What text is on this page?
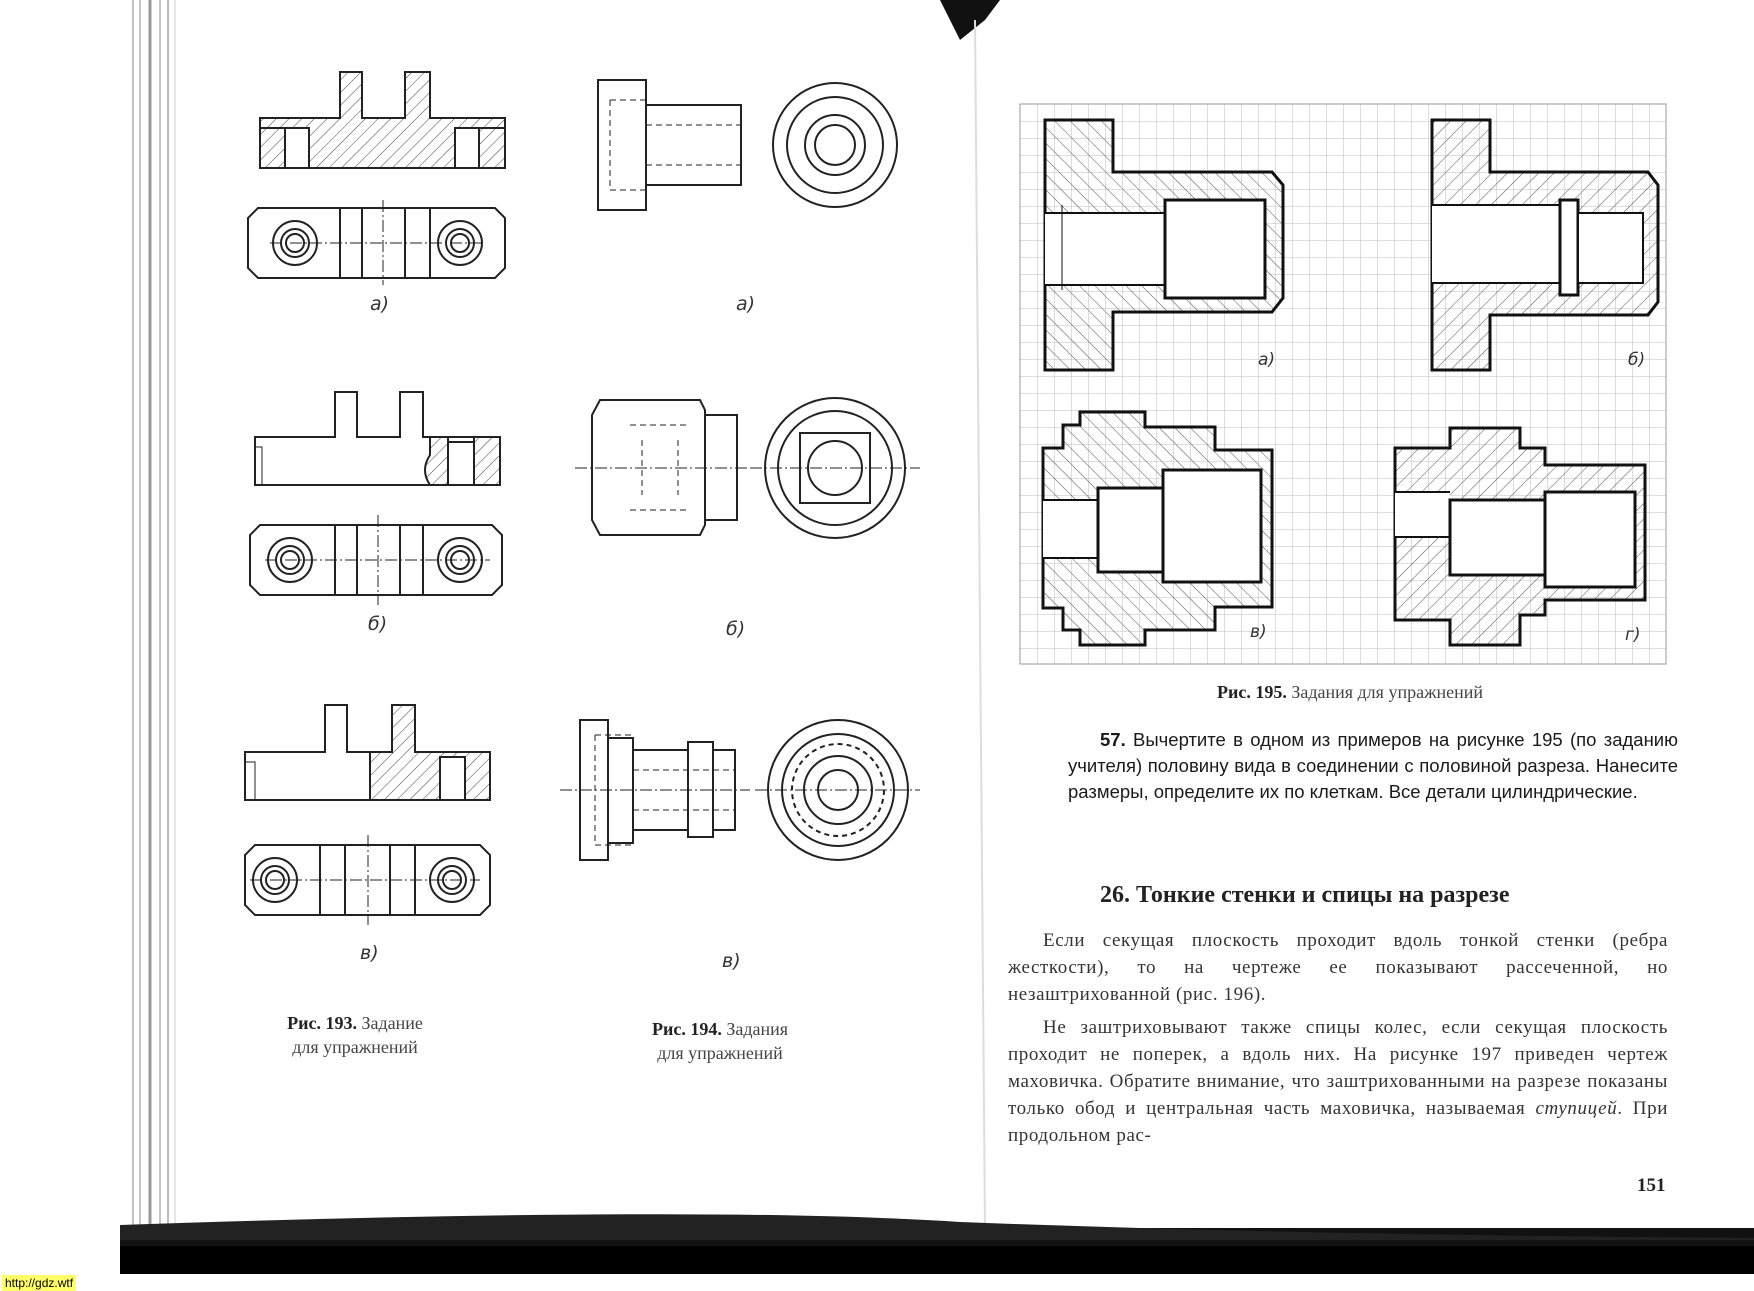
а)
б)
в)
Рис. 193. Задание
для упражнений
а)
б)
в)
Рис. 194. Задания
для упражнений
а)	б)
в)	г)
Рис. 195. Задания для упражнений
57. Вычертите в одном из примеров на рисунке 195 (по заданию учителя) половину вида в соединении с половиной разреза. Нанесите размеры, определите их по клеткам. Все детали цилиндрические.
26. Тонкие стенки и спицы на разрезе
Если секущая плоскость проходит вдоль тонкой стенки (ребра жесткости), то на чертеже ее показывают рассеченной, но незаштрихованной (рис. 196).
Не заштриховывают также спицы колес, если секущая плоскость проходит не поперек, а вдоль них. На рисунке 197 приведен чертеж маховичка. Обратите внимание, что заштрихованными на разрезе показаны только обод и центральная часть маховичка, называемая ступицей. При продольном рас-
151
http://gdz.wtf
